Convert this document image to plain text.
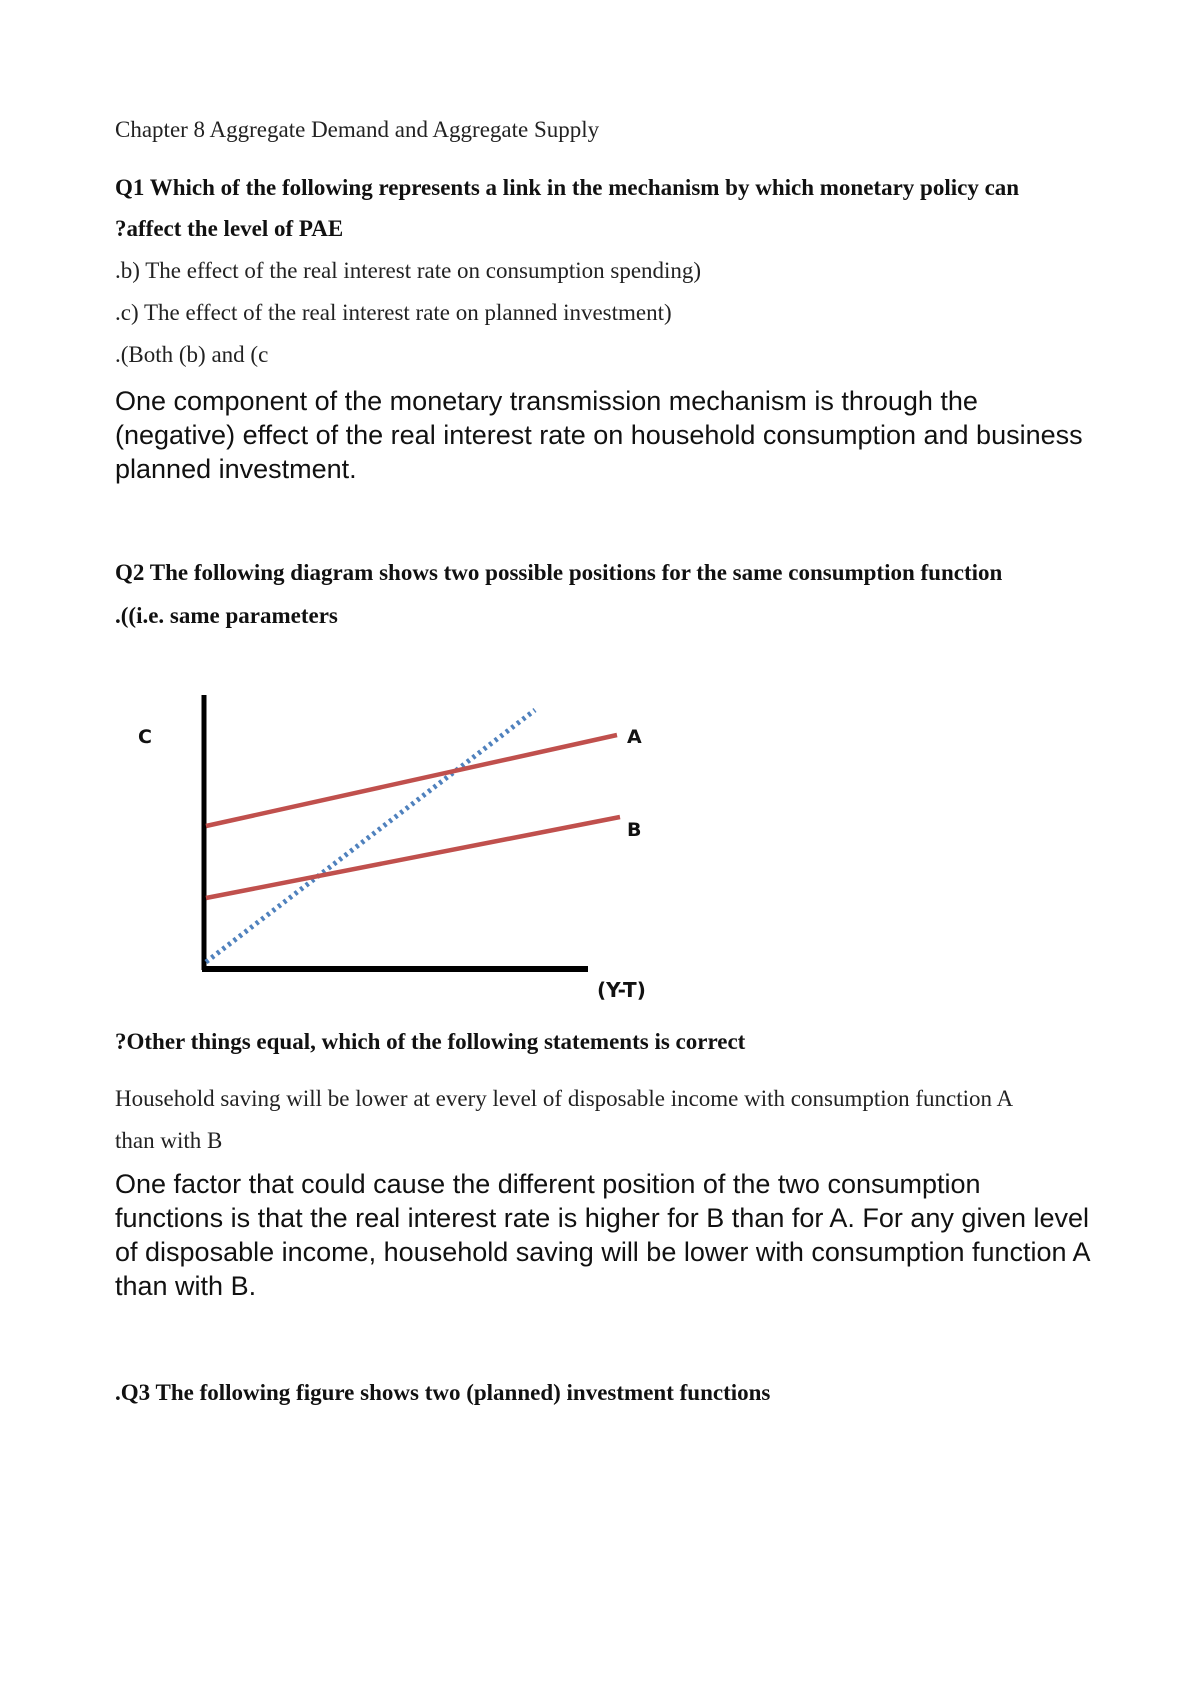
Chapter 8 Aggregate Demand and Aggregate Supply
Q1 Which of the following represents a link in the mechanism by which monetary policy can
?affect the level of PAE
.b) The effect of the real interest rate on consumption spending)
.c) The effect of the real interest rate on planned investment)
.(Both (b) and (c
One component of the monetary transmission mechanism is through the (negative) effect of the real interest rate on household consumption and business planned investment.
Q2 The following diagram shows two possible positions for the same consumption function
.((i.e. same parameters
C	A
B
(Y-T)
?Other things equal, which of the following statements is correct
Household saving will be lower at every level of disposable income with consumption function A
than with B
One factor that could cause the different position of the two consumption functions is that the real interest rate is higher for B than for A. For any given level of disposable income, household saving will be lower with consumption function A than with B.
.Q3 The following figure shows two (planned) investment functions
